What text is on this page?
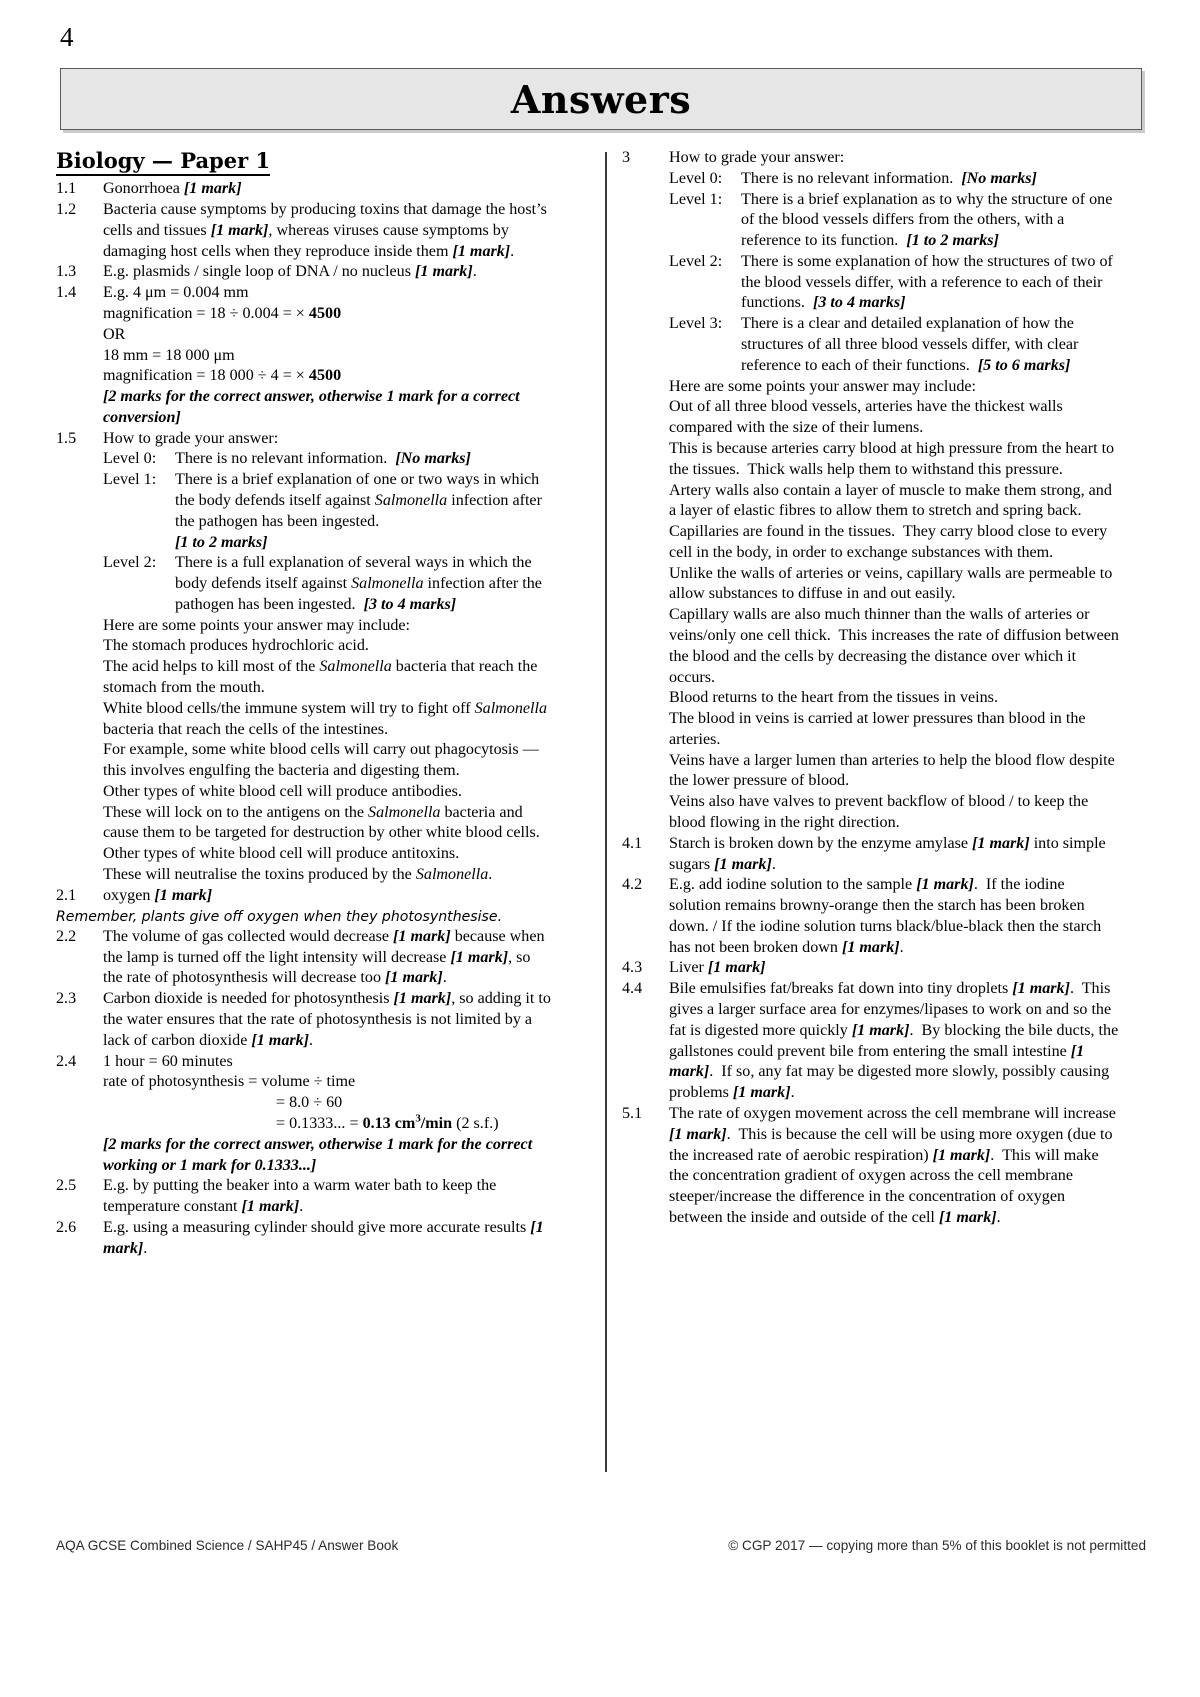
4
Answers
Biology — Paper 1
1.1	Gonorrhoea [1 mark]
1.2	Bacteria cause symptoms by producing toxins that damage the host’s cells and tissues [1 mark], whereas viruses cause symptoms by damaging host cells when they reproduce inside them [1 mark].
1.3	E.g. plasmids / single loop of DNA / no nucleus [1 mark].
1.4	E.g. 4 μm = 0.004 mm
magnification = 18 ÷ 0.004 = × 4500
OR
18 mm = 18 000 μm
magnification = 18 000 ÷ 4 = × 4500
[2 marks for the correct answer, otherwise 1 mark for a correct conversion]
1.5	How to grade your answer:
Level 0:	There is no relevant information.  [No marks]
Level 1:	There is a brief explanation of one or two ways in which the body defends itself against Salmonella infection after the pathogen has been ingested.
[1 to 2 marks]
Level 2:	There is a full explanation of several ways in which the body defends itself against Salmonella infection after the pathogen has been ingested.  [3 to 4 marks]
Here are some points your answer may include:
The stomach produces hydrochloric acid.
The acid helps to kill most of the Salmonella bacteria that reach the stomach from the mouth.
White blood cells/the immune system will try to fight off Salmonella bacteria that reach the cells of the intestines.
For example, some white blood cells will carry out phagocytosis — this involves engulfing the bacteria and digesting them.
Other types of white blood cell will produce antibodies.
These will lock on to the antigens on the Salmonella bacteria and cause them to be targeted for destruction by other white blood cells.
Other types of white blood cell will produce antitoxins.
These will neutralise the toxins produced by the Salmonella.
2.1	oxygen [1 mark]
Remember, plants give off oxygen when they photosynthesise.
2.2	The volume of gas collected would decrease [1 mark] because when the lamp is turned off the light intensity will decrease [1 mark], so the rate of photosynthesis will decrease too [1 mark].
2.3	Carbon dioxide is needed for photosynthesis [1 mark], so adding it to the water ensures that the rate of photosynthesis is not limited by a lack of carbon dioxide [1 mark].
2.4	1 hour = 60 minutes
rate of photosynthesis = volume ÷ time
= 8.0 ÷ 60
= 0.1333... = 0.13 $cm^3/\min$ (2 s.f.)
[2 marks for the correct answer, otherwise 1 mark for the correct working or 1 mark for 0.1333...]
2.5	E.g. by putting the beaker into a warm water bath to keep the temperature constant [1 mark].
2.6	E.g. using a measuring cylinder should give more accurate results [1 mark].
3	How to grade your answer:
Level 0:	There is no relevant information.  [No marks]
Level 1:	There is a brief explanation as to why the structure of one of the blood vessels differs from the others, with a reference to its function.  [1 to 2 marks]
Level 2:	There is some explanation of how the structures of two of the blood vessels differ, with a reference to each of their functions.  [3 to 4 marks]
Level 3:	There is a clear and detailed explanation of how the structures of all three blood vessels differ, with clear reference to each of their functions.  [5 to 6 marks]
Here are some points your answer may include:
Out of all three blood vessels, arteries have the thickest walls compared with the size of their lumens.
This is because arteries carry blood at high pressure from the heart to the tissues.  Thick walls help them to withstand this pressure.
Artery walls also contain a layer of muscle to make them strong, and a layer of elastic fibres to allow them to stretch and spring back.
Capillaries are found in the tissues.  They carry blood close to every cell in the body, in order to exchange substances with them.
Unlike the walls of arteries or veins, capillary walls are permeable to allow substances to diffuse in and out easily.
Capillary walls are also much thinner than the walls of arteries or veins/only one cell thick.  This increases the rate of diffusion between the blood and the cells by decreasing the distance over which it occurs.
Blood returns to the heart from the tissues in veins.
The blood in veins is carried at lower pressures than blood in the arteries.
Veins have a larger lumen than arteries to help the blood flow despite the lower pressure of blood.
Veins also have valves to prevent backflow of blood / to keep the blood flowing in the right direction.
4.1	Starch is broken down by the enzyme amylase [1 mark] into simple sugars [1 mark].
4.2	E.g. add iodine solution to the sample [1 mark].  If the iodine solution remains browny-orange then the starch has been broken down. / If the iodine solution turns black/blue-black then the starch has not been broken down [1 mark].
4.3	Liver [1 mark]
4.4	Bile emulsifies fat/breaks fat down into tiny droplets [1 mark].  This gives a larger surface area for enzymes/lipases to work on and so the fat is digested more quickly [1 mark].  By blocking the bile ducts, the gallstones could prevent bile from entering the small intestine [1 mark].  If so, any fat may be digested more slowly, possibly causing problems [1 mark].
5.1	The rate of oxygen movement across the cell membrane will increase [1 mark].  This is because the cell will be using more oxygen (due to the increased rate of aerobic respiration) [1 mark].  This will make the concentration gradient of oxygen across the cell membrane steeper/increase the difference in the concentration of oxygen between the inside and outside of the cell [1 mark].
AQA GCSE Combined Science / SAHP45 / Answer Book	© CGP 2017 — copying more than 5% of this booklet is not permitted
